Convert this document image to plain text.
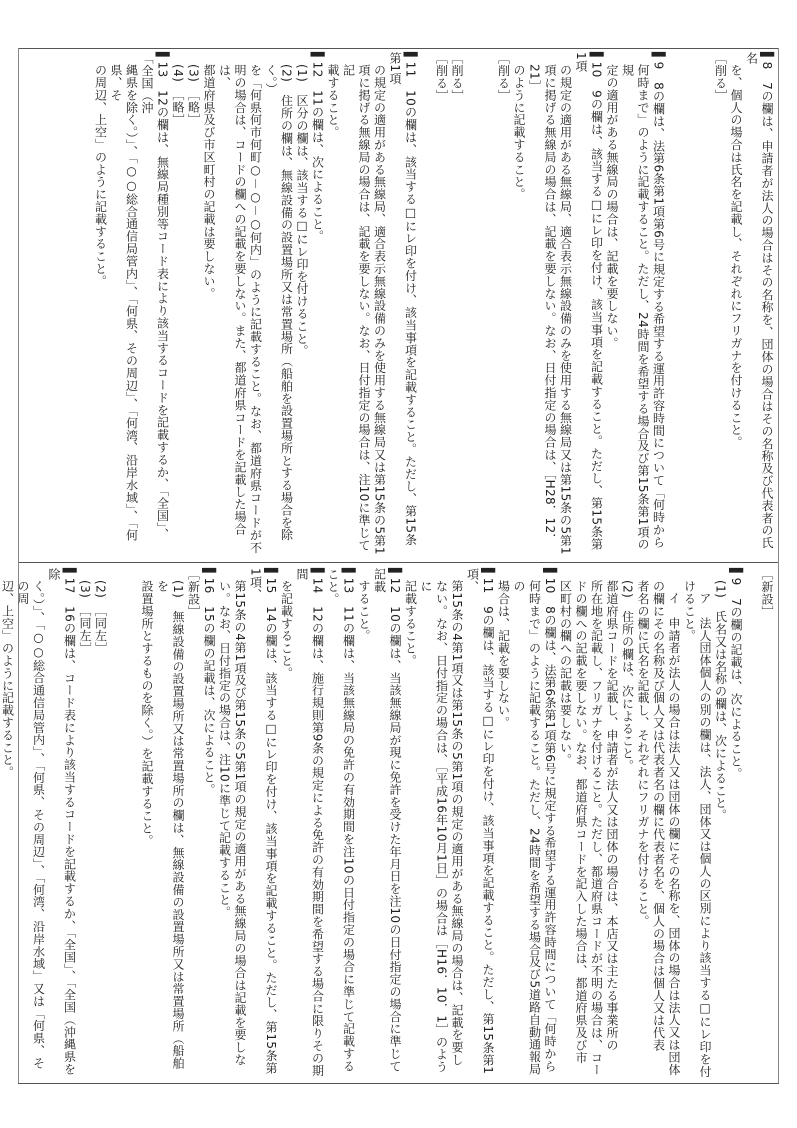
▌8　7の欄は、申請者が法人の場合はその名称を、団体の場合はその名称及び代表者の氏名

を、個人の場合は氏名を記載し、それぞれにフリガナを付けること。

［削る］

▌9　8の欄は、法第6条第1項第6号に規定する希望する運用許容時間について「何時から

何時まで」のように記載すること。ただし、24時間を希望する場合及び第15条第1項の規

定の適用がある無線局の場合は、記載を要しない。

▌10　9の欄は、該当する□にレ印を付け、該当事項を記載すること。ただし、第15条第1項

の規定の適用がある無線局、適合表示無線設備のみを使用する無線局又は第15条の5第1

項に掲げる無線局の場合は、記載を要しない。なお、日付指定の場合は、［H28．12．21］

のように記載すること。

［削る］

［削る］

［削る］

▌11　10の欄は、該当する□にレ印を付け、該当事項を記載すること。ただし、第15条第1項

の規定の適用がある無線局、適合表示無線設備のみを使用する無線局又は第15条の5第1

項に掲げる無線局の場合は、記載を要しない。なお、日付指定の場合は、注10に準じて記

載すること。

▌12　11の欄は、次によること。

(1)　区分の欄は、該当する□にレ印を付けること。

(2)　住所の欄は、無線設備の設置場所又は常置場所（船舶を設置場所とする場合を除く。）

を「何県何市何町○－○－○何内」のように記載すること。なお、都道府県コードが不

明の場合は、コードの欄への記載を要しない。また、都道府県コードを記載した場合は、

都道府県及び市区町村の記載は要しない。

(3)　［略］

(4)　［略］

▌13　12の欄は、無線局種別等コード表により該当するコードを記載するか、「全国」、「全国（沖

縄県を除く。）」、「○○総合通信局管内」、「何県、その周辺」、「何湾、沿岸水域」、「何県、そ

の周辺、上空」のように記載すること。

［新設］

▌9　7の欄の記載は、次によること。

(1)　氏名又は名称の欄は、次によること。

ア　法人団体個人の別の欄は、法人、団体又は個人の区別により該当する□にレ印を付

けること。

イ　申請者が法人の場合は法人又は団体の欄にその名称を、団体の場合は法人又は団体

の欄にその名称及び個人又は代表者名の欄に代表者名を、個人の場合は個人又は代表

者名の欄に氏名を記載し、それぞれにフリガナを付けること。

(2)　住所の欄は、次によること。

都道府県コードを記載し、申請者が法人又は団体の場合は、本店又は主たる事業所の

所在地を記載し、フリガナを付けること。ただし、都道府県コードが不明の場合は、コー

ドの欄への記載を要しない。なお、都道府県コードを記入した場合は、都道府県及び市

区町村の欄への記載は要しない。

▌10　8の欄は、法第6条第1項第6号に規定する希望する運用許容時間について「何時から

何時まで」のように記載すること。ただし、24時間を希望する場合及び5道路自動通報局の

場合は、記載を要しない。

▌11　9の欄は、該当する□にレ印を付け、該当事項を記載すること。ただし、第15条第1項、

第15条の4第1項又は第15条の5第1項の規定の適用がある無線局の場合は、記載を要し

ない。なお、日付指定の場合は、［平成16年10月1日］の場合は［H16．10．1］のように

記載すること。

▌12　10の欄は、当該無線局が現に免許を受けた年月日を注10の日付指定の場合に準じて記載

すること。

▌13　11の欄は、当該無線局の免許の有効期間を注10の日付指定の場合に準じて記載すること。

▌14　12の欄は、施行規則第9条の規定による免許の有効期間を希望する場合に限りその期間

を記載すること。

▌15　14の欄は、該当する□にレ印を付け、該当事項を記載すること。ただし、第15条第1項、

第15条の4第1項及び第15条の5第1項の規定の適用がある無線局の場合は記載を要しな

い。なお、日付指定の場合は、注10に準じて記載すること。

▌16　15の欄の記載は、次によること。

［新設］

(1)　無線設備の設置場所又は常置場所の欄は、無線設備の設置場所又は常置場所（船舶を

設置場所とするものを除く。）を記載すること。

(2)　［同左］

(3)　［同左］

▌17　16の欄は、コード表により該当するコードを記載するか、「全国」、「全国（沖縄県を除

く。）」、「○○総合通信局管内」、「何県、その周辺」、「何湾、沿岸水域」又は「何県、その周

辺、上空」のように記載すること。
